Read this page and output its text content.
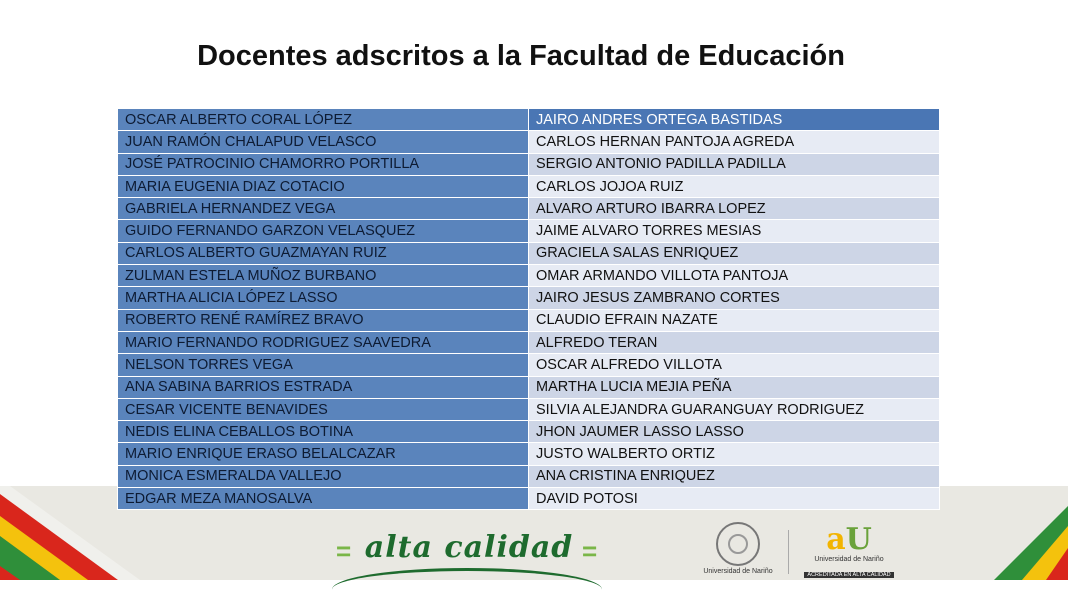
= alta calidad =
Universidad de Nariño
aU
Universidad de Nariño
ACREDITADA EN ALTA CALIDAD
Docentes adscritos a la Facultad de Educación
OSCAR ALBERTO CORAL LÓPEZ	JAIRO ANDRES ORTEGA BASTIDAS
JUAN RAMÓN CHALAPUD VELASCO	CARLOS HERNAN PANTOJA AGREDA
JOSÉ PATROCINIO CHAMORRO PORTILLA	SERGIO ANTONIO PADILLA PADILLA
MARIA EUGENIA DIAZ COTACIO	CARLOS JOJOA RUIZ
GABRIELA HERNANDEZ VEGA	ALVARO ARTURO IBARRA LOPEZ
GUIDO FERNANDO GARZON VELASQUEZ	JAIME ALVARO TORRES MESIAS
CARLOS ALBERTO GUAZMAYAN RUIZ	GRACIELA SALAS ENRIQUEZ
ZULMAN ESTELA MUÑOZ BURBANO	OMAR ARMANDO VILLOTA PANTOJA
MARTHA ALICIA LÓPEZ LASSO	JAIRO JESUS ZAMBRANO CORTES
ROBERTO RENÉ RAMÍREZ BRAVO	CLAUDIO EFRAIN NAZATE
MARIO FERNANDO RODRIGUEZ SAAVEDRA	ALFREDO TERAN
NELSON TORRES VEGA	OSCAR ALFREDO VILLOTA
ANA SABINA BARRIOS ESTRADA	MARTHA LUCIA MEJIA PEÑA
CESAR VICENTE BENAVIDES	SILVIA ALEJANDRA GUARANGUAY RODRIGUEZ
NEDIS ELINA CEBALLOS BOTINA	JHON JAUMER LASSO LASSO
MARIO ENRIQUE ERASO BELALCAZAR	JUSTO WALBERTO ORTIZ
MONICA ESMERALDA VALLEJO	ANA CRISTINA ENRIQUEZ
EDGAR MEZA MANOSALVA	DAVID POTOSI
